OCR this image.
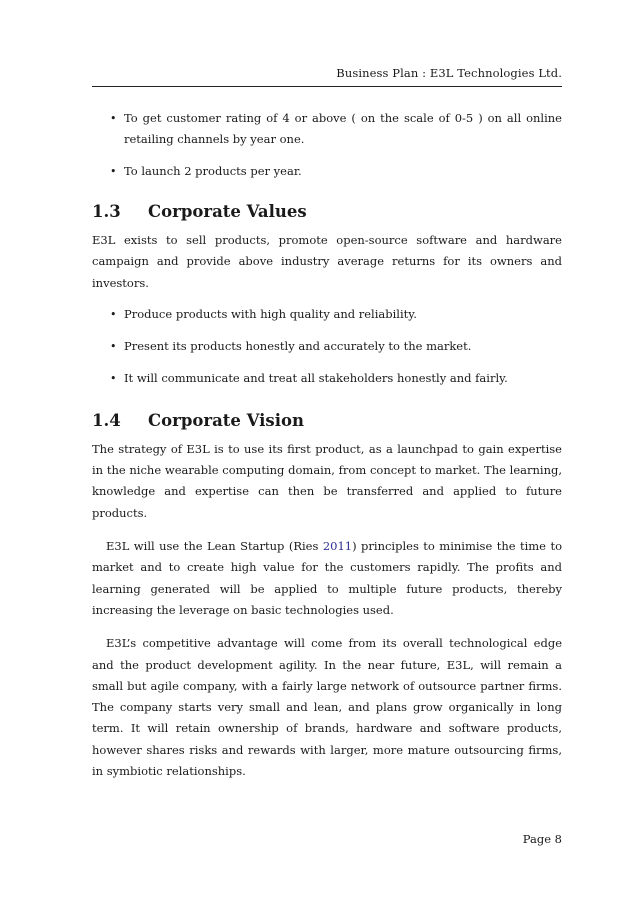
Business Plan : E3L Technologies Ltd.
• To get customer rating of 4 or above ( on the scale of 0-5 ) on all online retailing channels by year one.
• To launch 2 products per year.
1.3	Corporate Values

E3L exists to sell products, promote open-source software and hardware campaign and provide above industry average returns for its owners and investors.

• Produce products with high quality and reliability.
• Present its products honestly and accurately to the market.
• It will communicate and treat all stakeholders honestly and fairly.
1.4	Corporate Vision

The strategy of E3L is to use its first product, as a launchpad to gain expertise in the niche wearable computing domain, from concept to market. The learning, knowledge and expertise can then be transferred and applied to future products.

E3L will use the Lean Startup (Ries 2011) principles to minimise the time to market and to create high value for the customers rapidly. The profits and learning generated will be applied to multiple future products, thereby increasing the leverage on basic technologies used.

E3L’s competitive advantage will come from its overall technological edge and the product development agility. In the near future, E3L, will remain a small but agile company, with a fairly large network of outsource partner firms. The company starts very small and lean, and plans grow organically in long term. It will retain ownership of brands, hardware and software products, however shares risks and rewards with larger, more mature outsourcing firms, in symbiotic relationships.

Page 8
